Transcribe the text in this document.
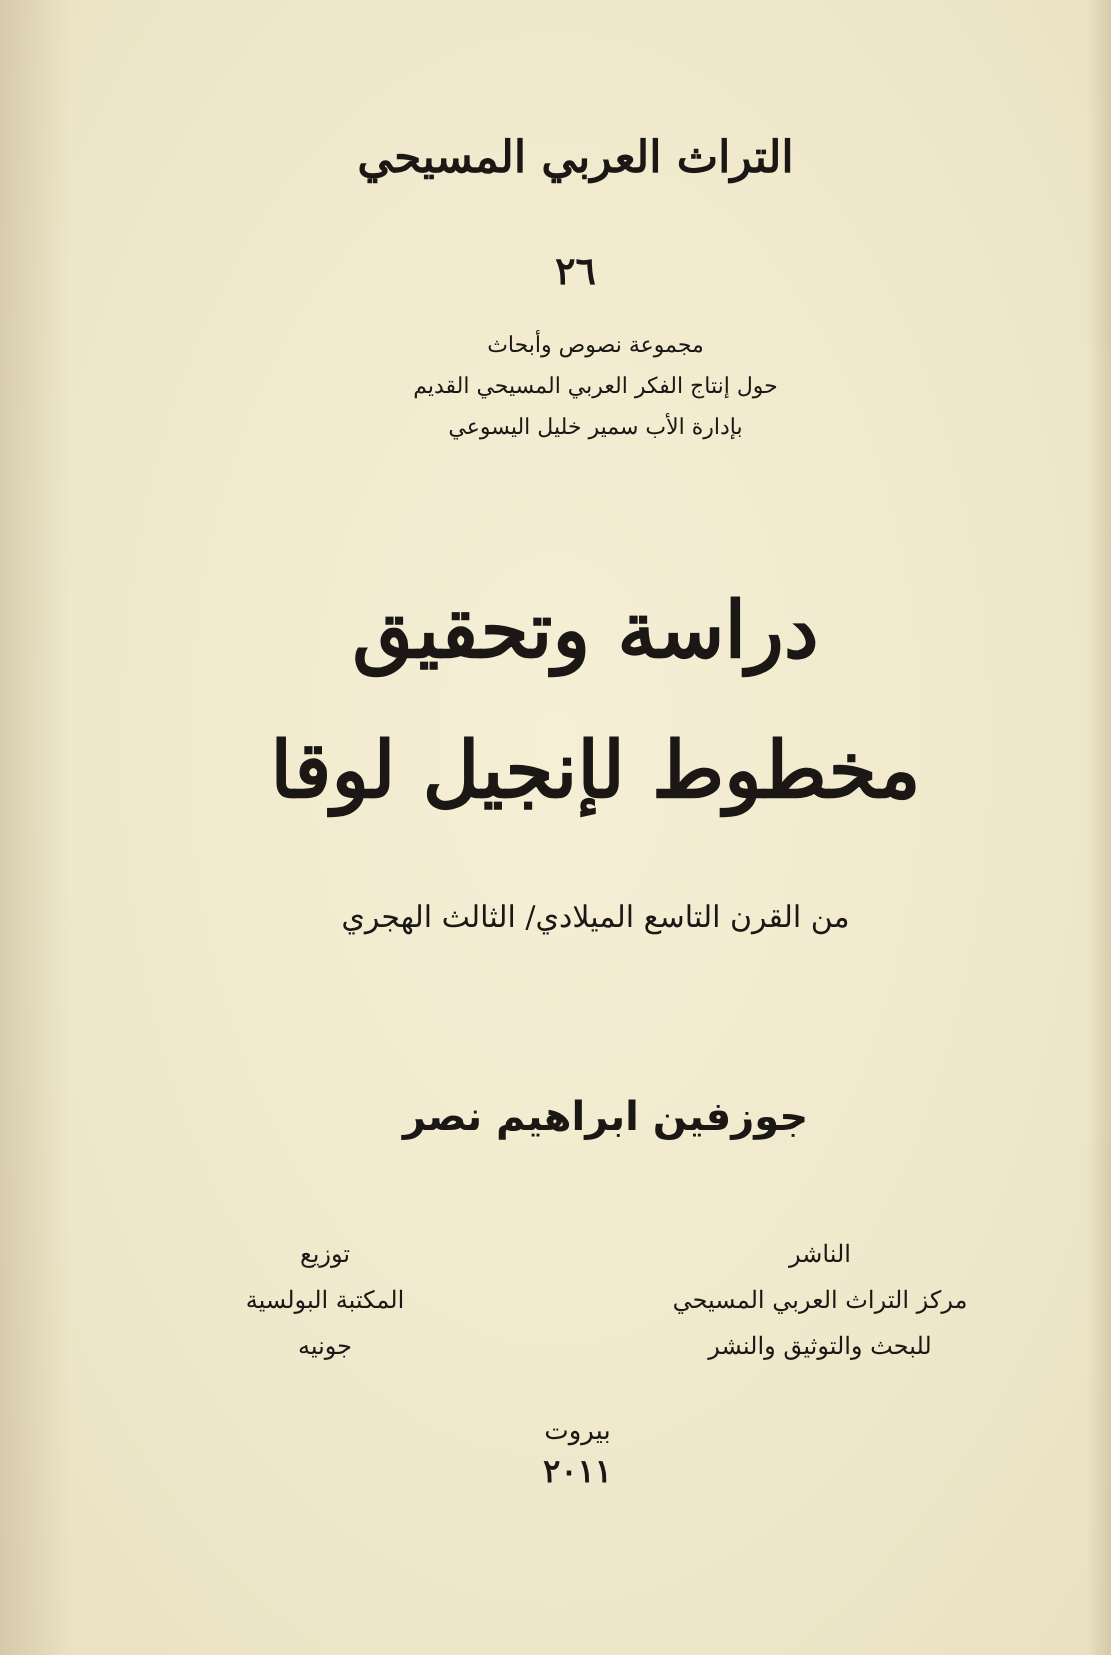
التراث العربي المسيحي
٢٦
مجموعة نصوص وأبحاث
حول إنتاج الفكر العربي المسيحي القديم
بإدارة الأب سمير خليل اليسوعي
دراسة وتحقيق
مخطوط لإنجيل لوقا
من القرن التاسع الميلادي/ الثالث الهجري
جوزفين ابراهيم نصر
الناشر
مركز التراث العربي المسيحي
للبحث والتوثيق والنشر
توزيع
المكتبة البولسية
جونيه
بيروت
٢٠١١
